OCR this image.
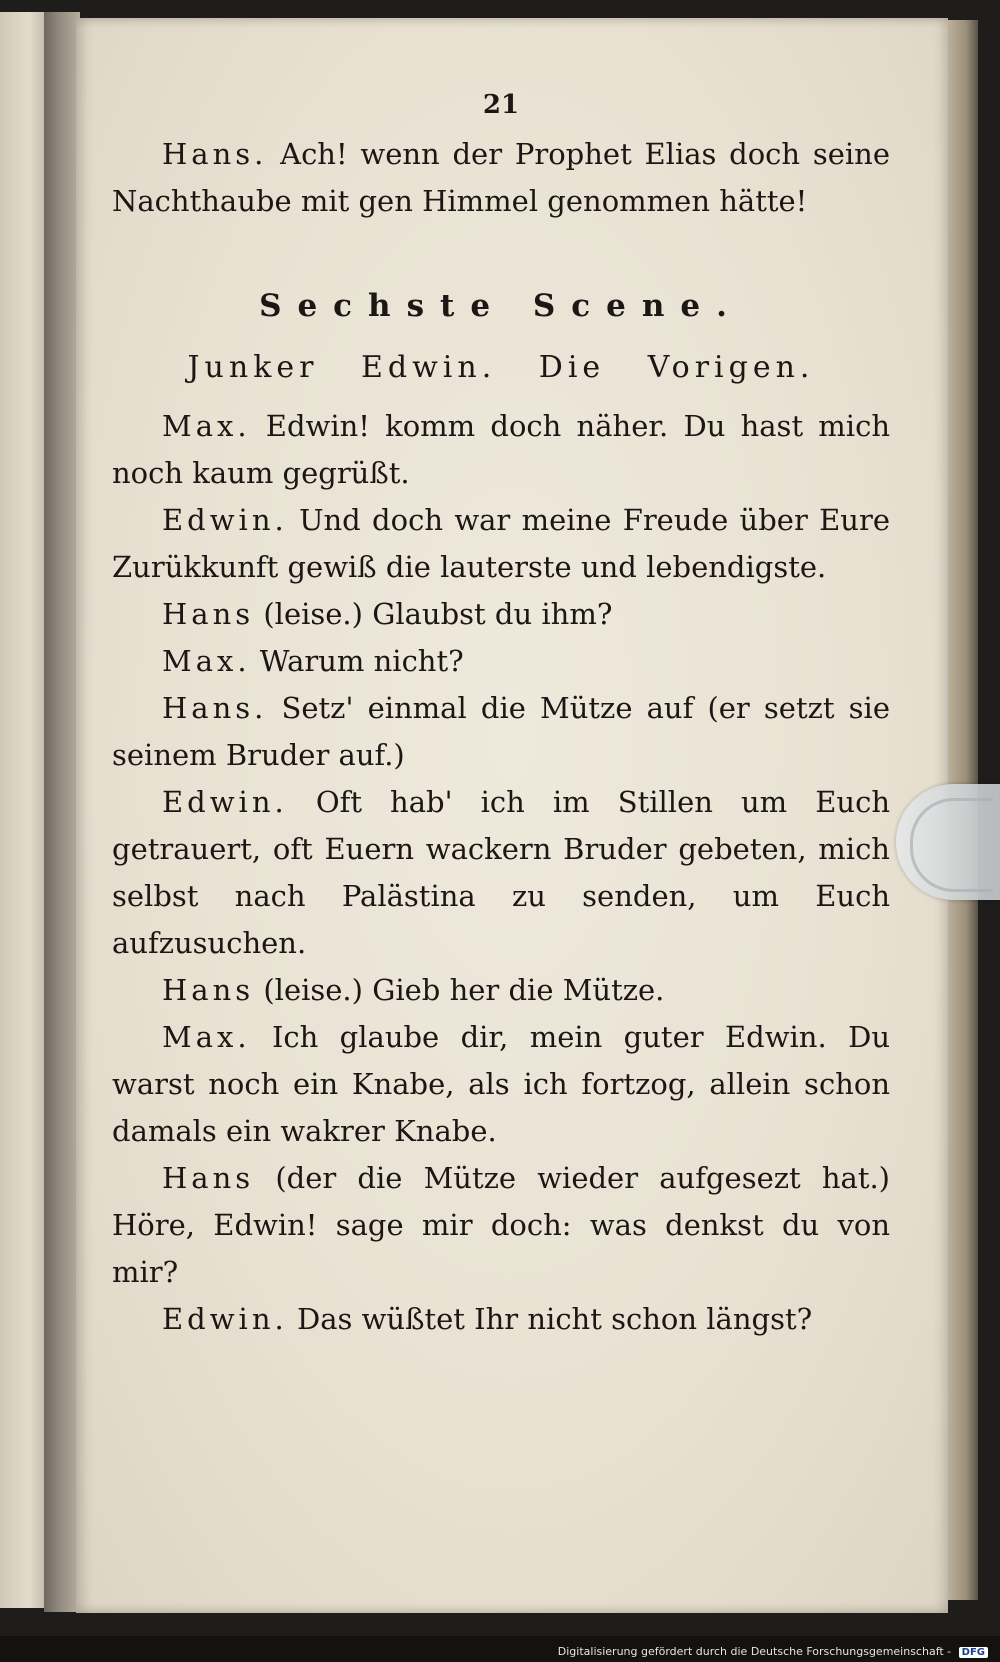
21

Hans. Ach! wenn der Prophet Elias doch seine Nachthaube mit gen Himmel genommen hätte!

Sechste Scene.
Junker Edwin. Die Vorigen.

Max. Edwin! komm doch näher. Du hast mich noch kaum gegrüßt.

Edwin. Und doch war meine Freude über Eure Zurükkunft gewiß die lauterste und lebendigste.

Hans (leise.) Glaubst du ihm?

Max. Warum nicht?

Hans. Setz' einmal die Mütze auf (er setzt sie seinem Bruder auf.)

Edwin. Oft hab' ich im Stillen um Euch getrauert, oft Euern wackern Bruder gebeten, mich selbst nach Palästina zu senden, um Euch aufzusuchen.

Hans (leise.) Gieb her die Mütze.

Max. Ich glaube dir, mein guter Edwin. Du warst noch ein Knabe, als ich fortzog, allein schon damals ein wakrer Knabe.

Hans (der die Mütze wieder aufgesezt hat.) Höre, Edwin! sage mir doch: was denkst du von mir?

Edwin. Das wüßtet Ihr nicht schon längst?

Digitalisierung gefördert durch die Deutsche Forschungsgemeinschaft - DFG
